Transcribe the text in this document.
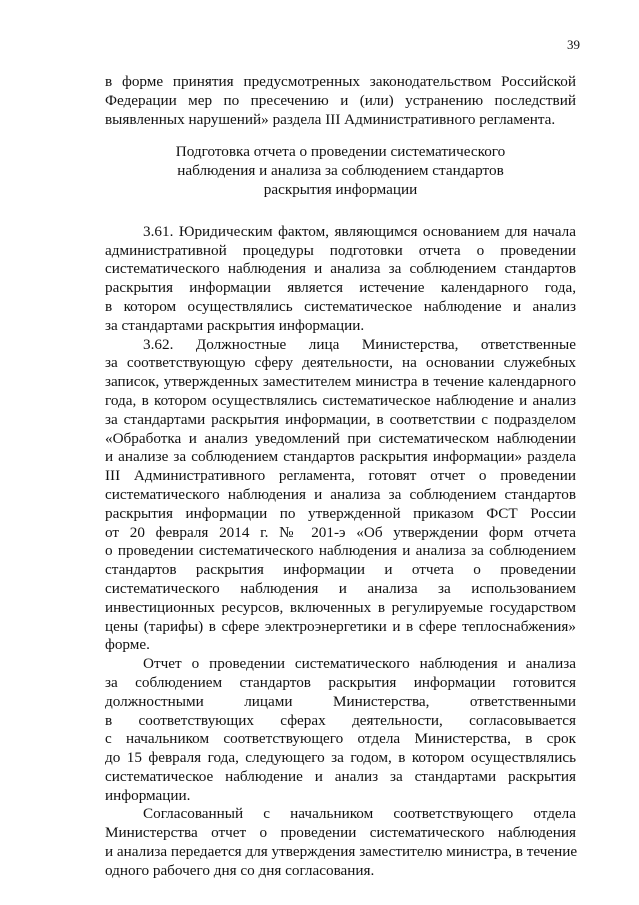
39
в форме принятия предусмотренных законодательством Российской
Федерации мер по пресечению и (или) устранению последствий
выявленных нарушений» раздела III Административного регламента.
Подготовка отчета о проведении систематического
наблюдения и анализа за соблюдением стандартов
раскрытия информации
3.61. Юридическим фактом, являющимся основанием для начала
административной процедуры подготовки отчета о проведении
систематического наблюдения и анализа за соблюдением стандартов
раскрытия информации является истечение календарного года,
в котором осуществлялись систематическое наблюдение и анализ
за стандартами раскрытия информации.
3.62. Должностные лица Министерства, ответственные
за соответствующую сферу деятельности, на основании служебных
записок, утвержденных заместителем министра в течение календарного
года, в котором осуществлялись систематическое наблюдение и анализ
за стандартами раскрытия информации, в соответствии с подразделом
«Обработка и анализ уведомлений при систематическом наблюдении
и анализе за соблюдением стандартов раскрытия информации» раздела
III Административного регламента, готовят отчет о проведении
систематического наблюдения и анализа за соблюдением стандартов
раскрытия информации по утвержденной приказом ФСТ России
от 20 февраля 2014 г. № 201-э «Об утверждении форм отчета
о проведении систематического наблюдения и анализа за соблюдением
стандартов раскрытия информации и отчета о проведении
систематического наблюдения и анализа за использованием
инвестиционных ресурсов, включенных в регулируемые государством
цены (тарифы) в сфере электроэнергетики и в сфере теплоснабжения»
форме.
Отчет о проведении систематического наблюдения и анализа
за соблюдением стандартов раскрытия информации готовится
должностными лицами Министерства, ответственными
в соответствующих сферах деятельности, согласовывается
с начальником соответствующего отдела Министерства, в срок
до 15 февраля года, следующего за годом, в котором осуществлялись
систематическое наблюдение и анализ за стандартами раскрытия
информации.
Согласованный с начальником соответствующего отдела
Министерства отчет о проведении систематического наблюдения
и анализа передается для утверждения заместителю министра, в течение
одного рабочего дня со дня согласования.
